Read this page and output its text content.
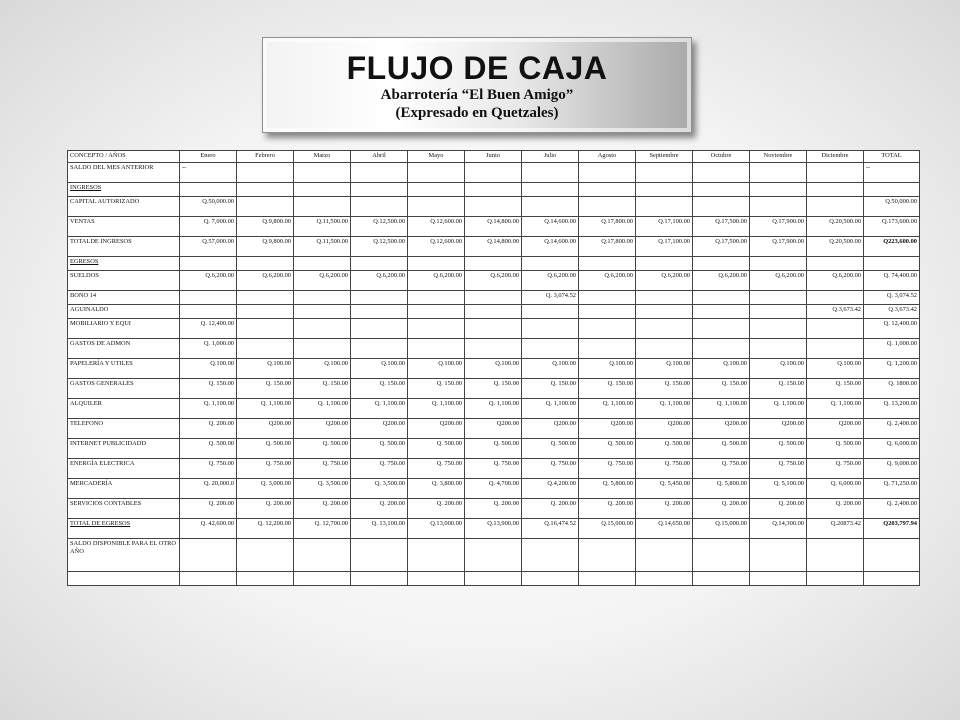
FLUJO DE CAJA
Abarrotería “El Buen Amigo”
(Expresado en Quetzales)
CONCEPTO / AÑOS	Enero	Febrero	Marzo	Abril	Mayo	Junio	Julio	Agosto	Septiembre	Octubre	Noviembre	Diciembre	TOTAL
SALDO DEL MES ANTERIOR	--												--
INGRESOS													
CAPITAL AUTORIZADO	Q.50,000.00												Q.50,000.00
VENTAS	Q. 7,000.00	Q.9,800.00	Q.11,500.00	Q.12,500.00	Q.12,600.00	Q.14,800.00	Q.14,600.00	Q.17,800.00	Q.17,100.00	Q.17,500.00	Q.17,900.00	Q.20,500.00	Q.173,600.00
TOTALDE INGRESOS	Q.57,000.00	Q.9,800.00	Q.11,500.00	Q.12,500.00	Q.12,600.00	Q.14,800.00	Q.14,600.00	Q.17,800.00	Q.17,100.00	Q.17,500.00	Q.17,900.00	Q.20,500.00	Q223,600.00
EGRESOS													
SUELDOS	Q.6,200.00	Q.6,200.00	Q.6,200.00	Q.6,200.00	Q.6,200.00	Q.6,200.00	Q.6,200.00	Q.6,200.00	Q.6,200.00	Q.6,200.00	Q.6,200.00	Q.6,200.00	Q. 74,400.00
BONO 14							Q. 3,074.52						Q. 3,074.52
AGUINALDO												Q.3,673.42	Q.3,673.42
MOBILIARIO Y EQUI	Q. 12,400.00												Q. 12,400.00
GASTOS DE ADMON	Q. 1,000.00												Q. 1,000.00
PAPELERÍA Y UTILES	Q.100.00	Q.100.00	Q.100.00	Q.100.00	Q.100.00	Q.100.00	Q.100.00	Q.100.00	Q.100.00	Q.100.00	Q.100.00	Q.100.00	Q. 1,200.00
GASTOS GENERALES	Q. 150.00	Q. 150.00	Q. 150.00	Q. 150.00	Q. 150.00	Q. 150.00	Q. 150.00	Q. 150.00	Q. 150.00	Q. 150.00	Q. 150.00	Q. 150.00	Q. 1800.00
ALQUILER	Q. 1,100.00	Q. 1,100.00	Q. 1,100.00	Q. 1,100.00	Q. 1,100.00	Q. 1,100.00	Q. 1,100.00	Q. 1,100.00	Q. 1,100.00	Q. 1,100.00	Q. 1,100.00	Q. 1,100.00	Q. 13,200.00
TELEFONO	Q. 200.00	Q200.00	Q200.00	Q200.00	Q200.00	Q200.00	Q200.00	Q200.00	Q200.00	Q200.00	Q200.00	Q200.00	Q. 2,400.00
INTERNET PUBLICIDADD	Q. 500.00	Q. 500.00	Q. 500.00	Q. 500.00	Q. 500.00	Q. 500.00	Q. 500.00	Q. 500.00	Q. 500.00	Q. 500.00	Q. 500.00	Q. 500.00	Q. 6,000.00
ENERGÍA ELECTRICA	Q. 750.00	Q. 750.00	Q. 750.00	Q. 750.00	Q. 750.00	Q. 750.00	Q. 750.00	Q. 750.00	Q. 750.00	Q. 750.00	Q. 750.00	Q. 750.00	Q. 9,000.00
MERCADERÍA	Q. 20,000.0	Q. 3,000.00	Q. 3,500.00	Q. 3,500.00	Q. 3,800.00	Q. 4,700.00	Q.4,200.00	Q. 5,800.00	Q. 5,450.00	Q. 5,800.00	Q. 5,100.00	Q. 6,000.00	Q. 71,250.00
SERVICIOS CONTABLES	Q. 200.00	Q. 200.00	Q. 200.00	Q. 200.00	Q. 200.00	Q. 200.00	Q. 200.00	Q. 200.00	Q. 200.00	Q. 200.00	Q. 200.00	Q. 200.00	Q. 2,400.00
TOTAL DE EGRESOS	Q. 42,600.00	Q. 12,200.00	Q. 12,700.00	Q. 13,100.00	Q.13,000.00	Q.13,900.00	Q.16,474.52	Q.15,000.00	Q.14,650.00	Q.15,000.00	Q.14,300.00	Q.20873.42	Q203,797.94
SALDO DISPONIBLE PARA EL OTRO AÑO													
